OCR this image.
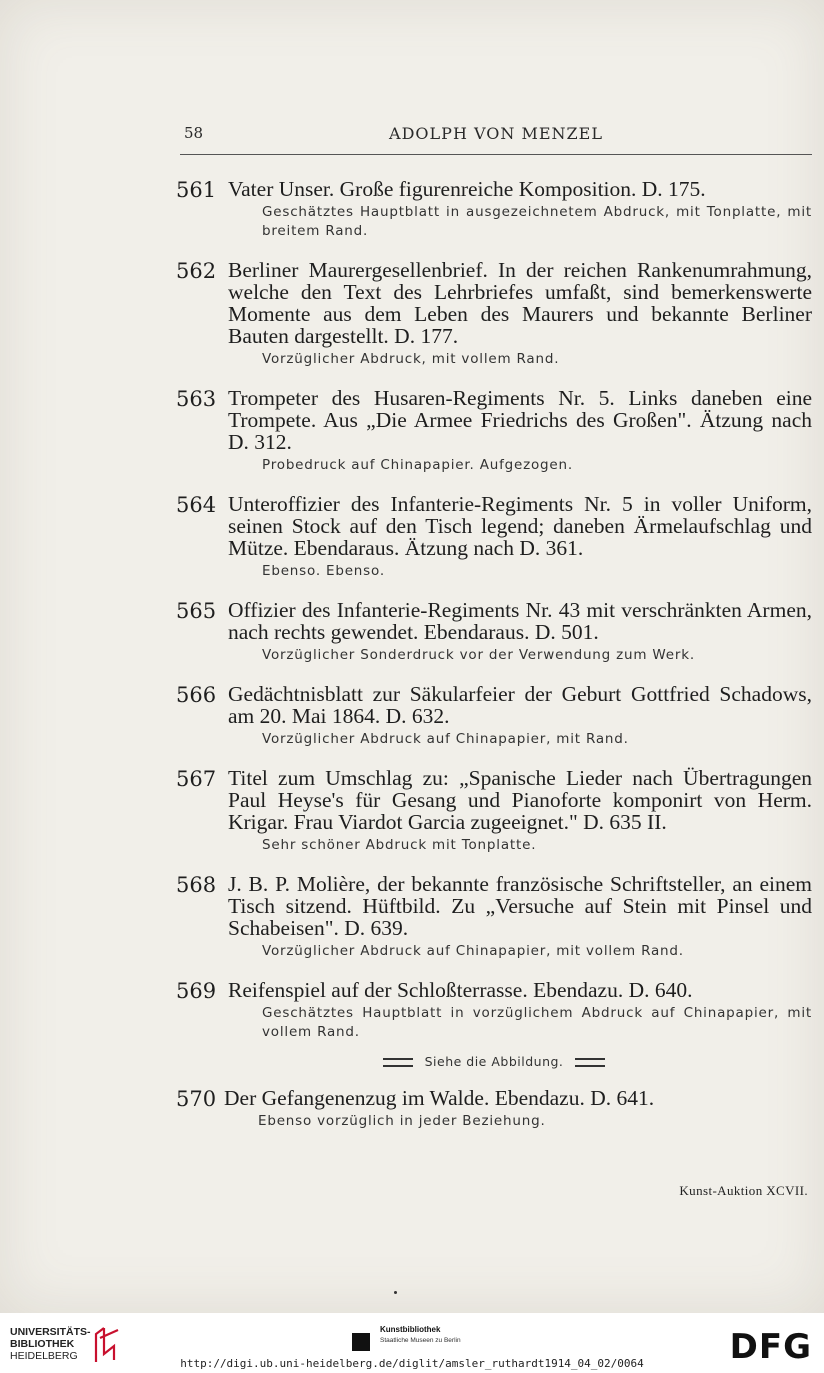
58	ADOLPH VON MENZEL
561 Vater Unser. Große figurenreiche Komposition. D. 175.
Geschätztes Hauptblatt in ausgezeichnetem Abdruck, mit Tonplatte, mit breitem Rand.
562 Berliner Maurergesellenbrief. In der reichen Rankenumrahmung, welche den Text des Lehrbriefes umfaßt, sind bemerkenswerte Momente aus dem Leben des Maurers und bekannte Berliner Bauten dargestellt. D. 177.
Vorzüglicher Abdruck, mit vollem Rand.
563 Trompeter des Husaren-Regiments Nr. 5. Links daneben eine Trompete. Aus „Die Armee Friedrichs des Großen". Ätzung nach D. 312.
Probedruck auf Chinapapier. Aufgezogen.
564 Unteroffizier des Infanterie-Regiments Nr. 5 in voller Uniform, seinen Stock auf den Tisch legend; daneben Ärmelaufschlag und Mütze. Ebendaraus. Ätzung nach D. 361.
Ebenso. Ebenso.
565 Offizier des Infanterie-Regiments Nr. 43 mit verschränkten Armen, nach rechts gewendet. Ebendaraus. D. 501.
Vorzüglicher Sonderdruck vor der Verwendung zum Werk.
566 Gedächtnisblatt zur Säkularfeier der Geburt Gottfried Schadows, am 20. Mai 1864. D. 632.
Vorzüglicher Abdruck auf Chinapapier, mit Rand.
567 Titel zum Umschlag zu: „Spanische Lieder nach Übertragungen Paul Heyse's für Gesang und Pianoforte komponirt von Herm. Krigar. Frau Viardot Garcia zugeeignet." D. 635 II.
Sehr schöner Abdruck mit Tonplatte.
568 J. B. P. Molière, der bekannte französische Schriftsteller, an einem Tisch sitzend. Hüftbild. Zu „Versuche auf Stein mit Pinsel und Schabeisen". D. 639.
Vorzüglicher Abdruck auf Chinapapier, mit vollem Rand.
569 Reifenspiel auf der Schloßterrasse. Ebendazu. D. 640.
Geschätztes Hauptblatt in vorzüglichem Abdruck auf Chinapapier, mit vollem Rand.
Siehe die Abbildung.
570 Der Gefangenenzug im Walde. Ebendazu. D. 641.
Ebenso vorzüglich in jeder Beziehung.
Kunst-Auktion XCVII.
UNIVERSITÄTS-
BIBLIOTHEK
HEIDELBERG
Kunstbibliothek
Staatliche Museen zu Berlin	DFG
http://digi.ub.uni-heidelberg.de/diglit/amsler_ruthardt1914_04_02/0064
